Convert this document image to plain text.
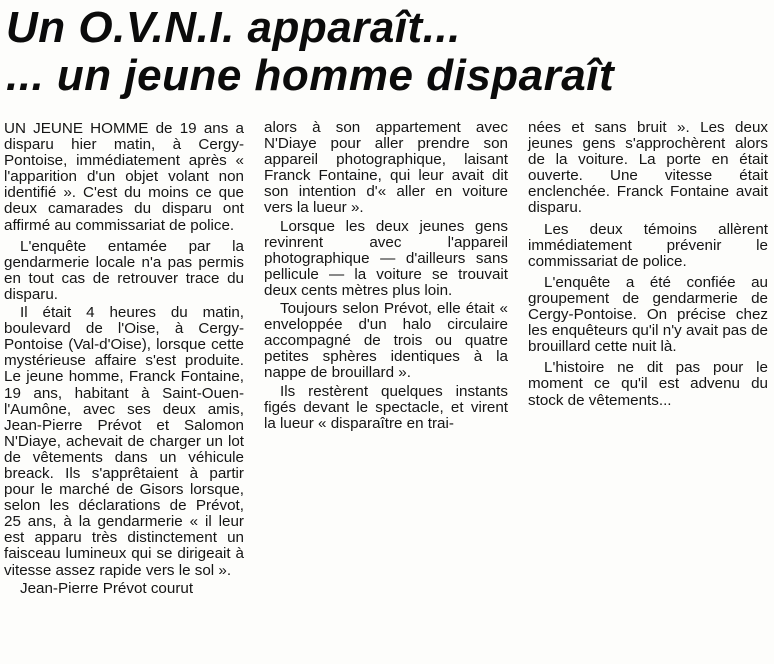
Un O.V.N.I. apparaît...
... un jeune homme disparaît

UN JEUNE HOMME de 19 ans a disparu hier matin, à Cergy-Pontoise, immédiatement après « l'apparition d'un objet volant non identifié ». C'est du moins ce que deux camarades du disparu ont affirmé au commissariat de police.

L'enquête entamée par la gendarmerie locale n'a pas permis en tout cas de retrouver trace du disparu.

Il était 4 heures du matin, boulevard de l'Oise, à Cergy-Pontoise (Val-d'Oise), lorsque cette mystérieuse affaire s'est produite. Le jeune homme, Franck Fontaine, 19 ans, habitant à Saint-Ouen-l'Aumône, avec ses deux amis, Jean-Pierre Prévot et Salomon N'Diaye, achevait de charger un lot de vêtements dans un véhicule breack. Ils s'apprêtaient à partir pour le marché de Gisors lorsque, selon les déclarations de Prévot, 25 ans, à la gendarmerie « il leur est apparu très distinctement un faisceau lumineux qui se dirigeait à vitesse assez rapide vers le sol ».

Jean-Pierre Prévot courut

alors à son appartement avec N'Diaye pour aller prendre son appareil photographique, laisant Franck Fontaine, qui leur avait dit son intention d'« aller en voiture vers la lueur ».

Lorsque les deux jeunes gens revinrent avec l'appareil photographique — d'ailleurs sans pellicule — la voiture se trouvait deux cents mètres plus loin.

Toujours selon Prévot, elle était « enveloppée d'un halo circulaire accompagné de trois ou quatre petites sphères identiques à la nappe de brouillard ».

Ils restèrent quelques instants figés devant le spectacle, et virent la lueur « disparaître en trai-

nées et sans bruit ». Les deux jeunes gens s'approchèrent alors de la voiture. La porte en était ouverte. Une vitesse était enclenchée. Franck Fontaine avait disparu.

Les deux témoins allèrent immédiatement prévenir le commissariat de police.

L'enquête a été confiée au groupement de gendarmerie de Cergy-Pontoise. On précise chez les enquêteurs qu'il n'y avait pas de brouillard cette nuit là.

L'histoire ne dit pas pour le moment ce qu'il est advenu du stock de vêtements...
